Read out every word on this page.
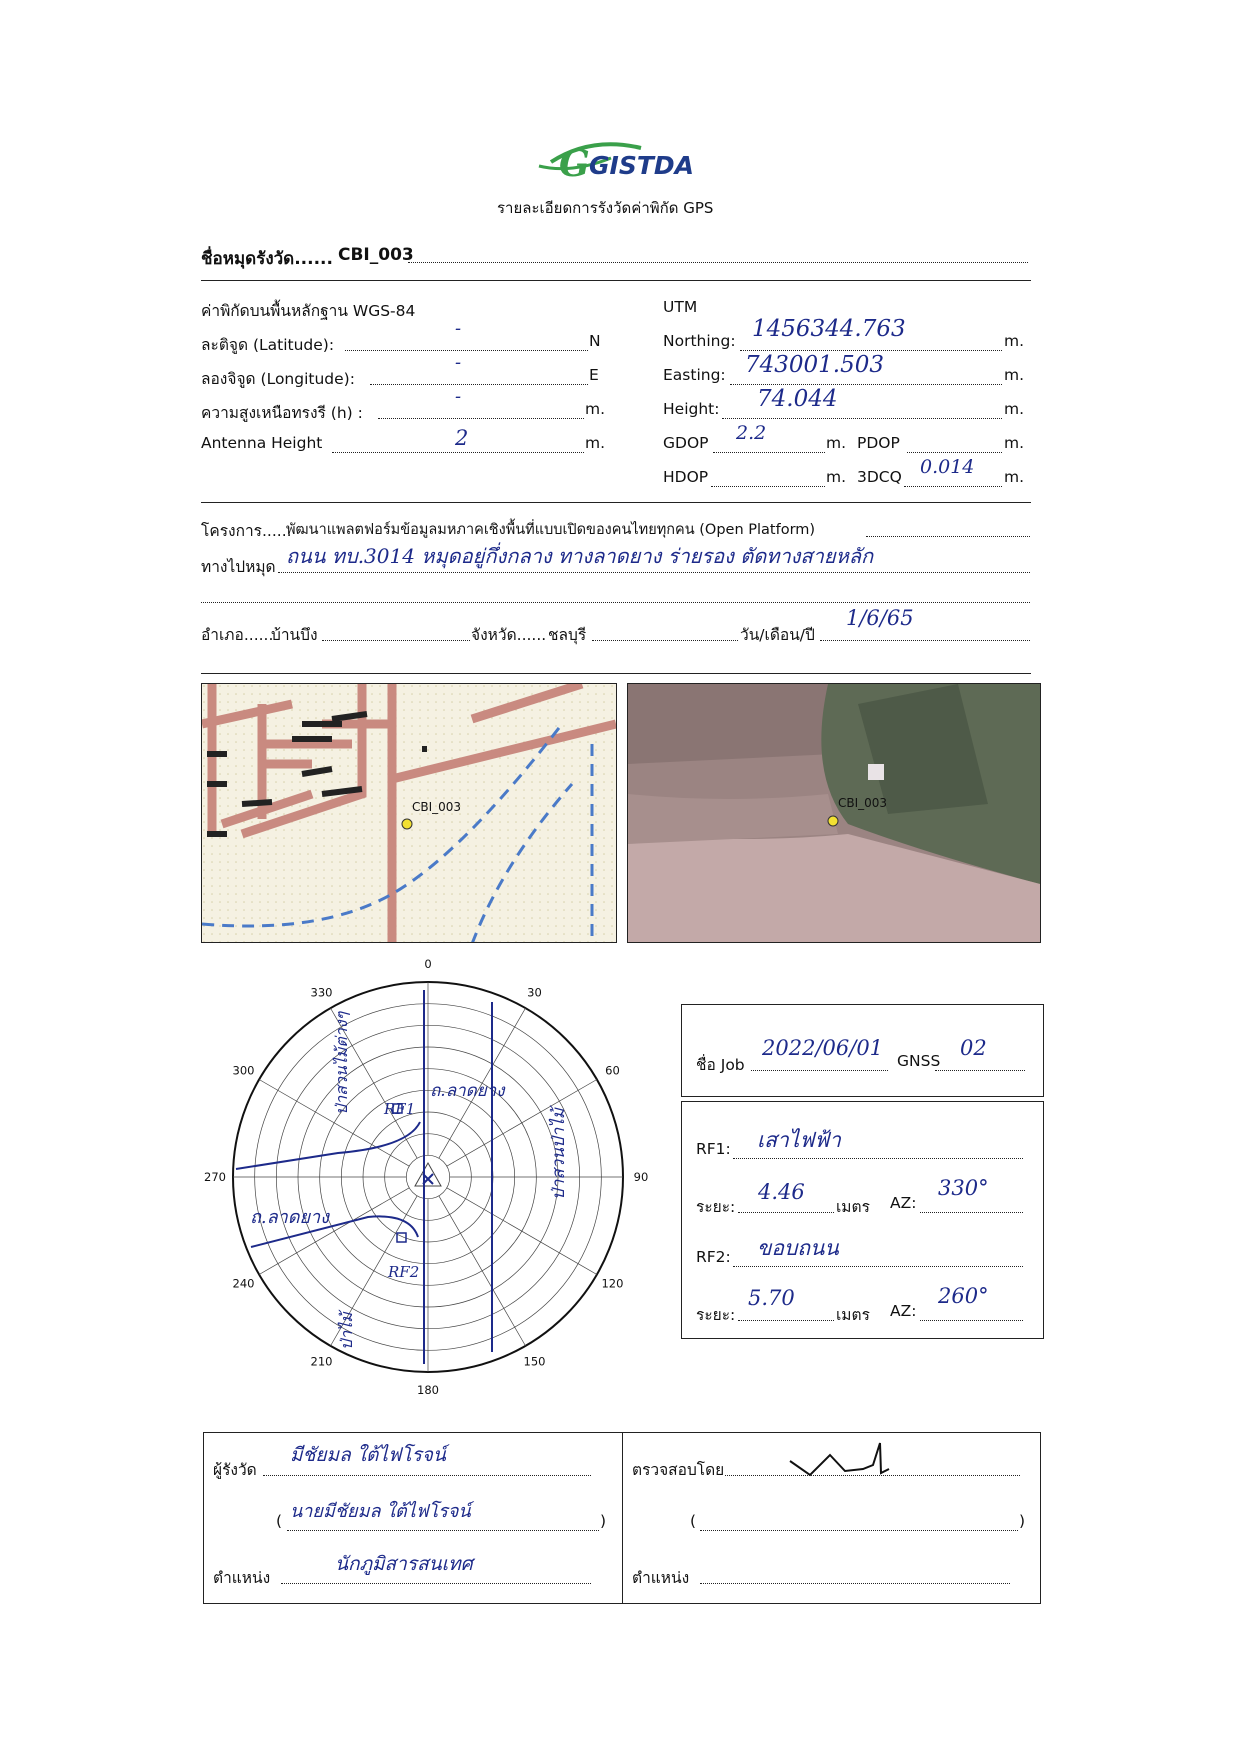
G GISTDA
รายละเอียดการรังวัดค่าพิกัด GPS
ชื่อหมุดรังวัด...... CBI_003
ค่าพิกัดบนพื้นหลักฐาน WGS-84
ละติจูด (Latitude):
-
N
ลองจิจูด (Longitude):
-
E
ความสูงเหนือทรงรี (h) :
-
m.
Antenna Height	2	m.
UTM
Northing: 1456344.763	m.
Easting: 743001.503	m.
Height: 74.044	m.
GDOP 2.2	m. PDOP	m.
HDOP	m. 3DCQ 0.014 m.
โครงการ......
พัฒนาแพลตฟอร์มข้อมูลมหภาคเชิงพื้นที่แบบเปิดของคนไทยทุกคน (Open Platform)
ทางไปหมุด ถนน ทบ.3014 หมุดอยู่กึ่งกลาง ทางลาดยาง ร่ายรอง ตัดทางสายหลัก
อำเภอ......
บ้านบึง	จังหวัด...... ชลบุรี	วัน/เดือน/ปี
1/6/65
CBI_003	CBI_003
0
30
60
90
120
150
180
210
240
270
300
330
ถ.ลาดยาง
ถ.ลาดยาง
ป่าสวนป่าไม้
ป่าสวนไม้ต่างๆ
ป่าไม้
RF1
RF2
ชื่อ Job
2022/06/01
GNSS
02
RF1: เสาไฟฟ้า
ระยะ:
4.46
เมตร AZ:
330°
RF2: ขอบถนน
ระยะ:
5.70
เมตร AZ:
260°
ผู้รังวัด
มีชัยมล ใต้ไฟโรจน์
( นายมีชัยมล ใต้ไฟโรจน์	)
ตำแหน่ง
นักภูมิสารสนเทศ
ตรวจสอบโดย
(	)
ตำแหน่ง
